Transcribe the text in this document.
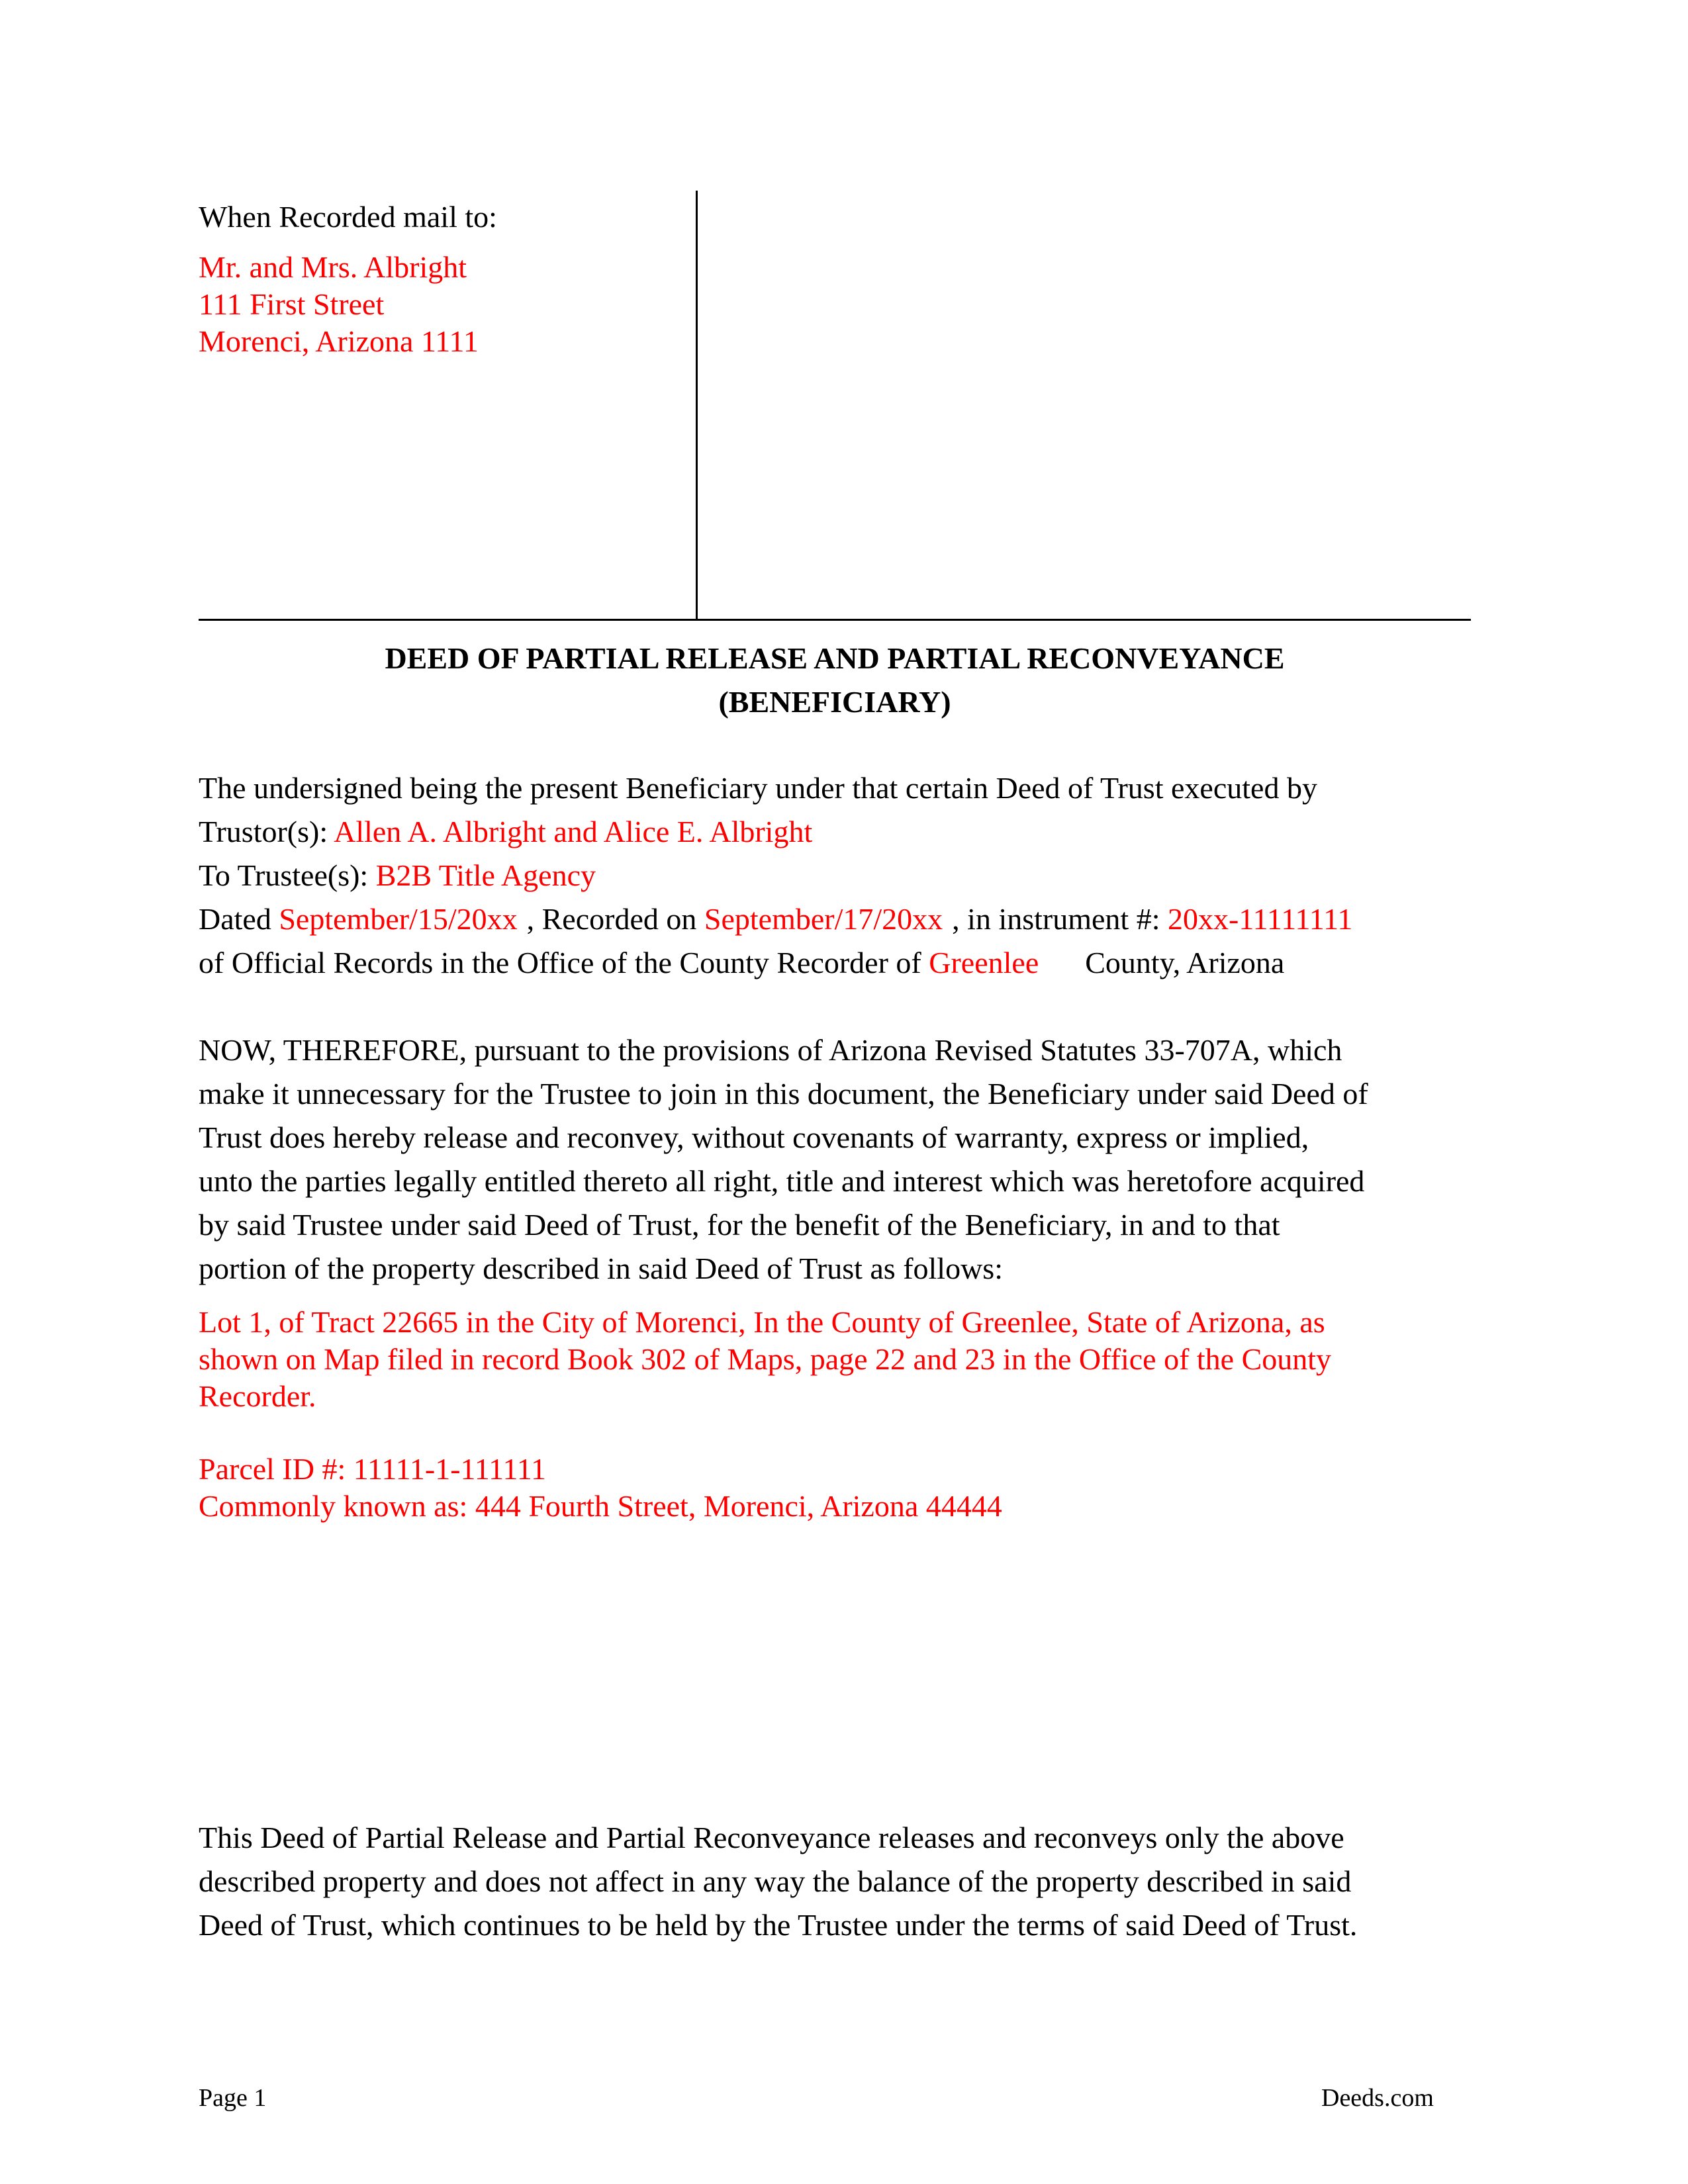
When Recorded mail to:
Mr. and Mrs. Albright
111 First Street
Morenci, Arizona 1111
DEED OF PARTIAL RELEASE AND PARTIAL RECONVEYANCE
(BENEFICIARY)
The undersigned being the present Beneficiary under that certain Deed of Trust executed by
Trustor(s): Allen A. Albright and Alice E. Albright
To Trustee(s): B2B Title Agency
Dated September/15/20xx , Recorded on September/17/20xx , in instrument #: 20xx-11111111
of Official Records in the Office of the County Recorder of Greenlee County, Arizona
NOW, THEREFORE, pursuant to the provisions of Arizona Revised Statutes 33-707A, which
make it unnecessary for the Trustee to join in this document, the Beneficiary under said Deed of
Trust does hereby release and reconvey, without covenants of warranty, express or implied,
unto the parties legally entitled thereto all right, title and interest which was heretofore acquired
by said Trustee under said Deed of Trust, for the benefit of the Beneficiary, in and to that
portion of the property described in said Deed of Trust as follows:
Lot 1, of Tract 22665 in the City of Morenci, In the County of Greenlee, State of Arizona, as
shown on Map filed in record Book 302 of Maps, page 22 and 23 in the Office of the County
Recorder.
Parcel ID #: 11111-1-111111
Commonly known as: 444 Fourth Street, Morenci, Arizona 44444
This Deed of Partial Release and Partial Reconveyance releases and reconveys only the above
described property and does not affect in any way the balance of the property described in said
Deed of Trust, which continues to be held by the Trustee under the terms of said Deed of Trust.
Page 1	Deeds.com
